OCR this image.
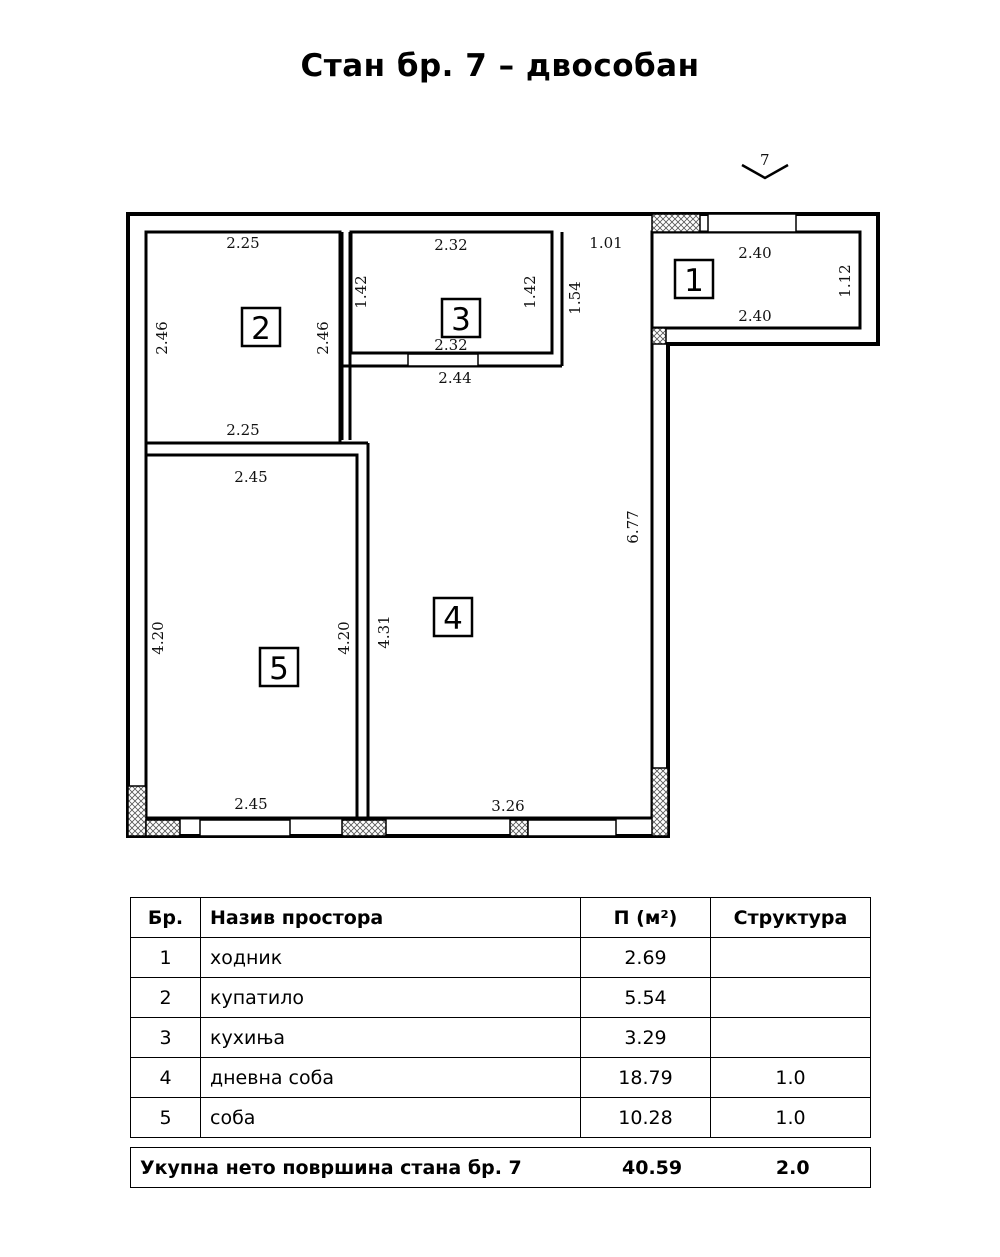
Стан бр. 7 – двособан
7
1
2	3
4
5
2.25
2.25
2.46	2.46
2.32
2.32
1.42	1.42 1.54
2.44
1.01
6.77
4.31
3.26
2.40
2.40
1.12
2.45
2.45
4.20	4.20
Бр.	Назив простора	П (м²)	Структура
1	ходник	2.69	
2	купатило	5.54	
3	кухиња	3.29	
4	дневна соба	18.79	1.0
5	соба	10.28	1.0
Укупна нето површина стана бр. 7	40.59	2.0
